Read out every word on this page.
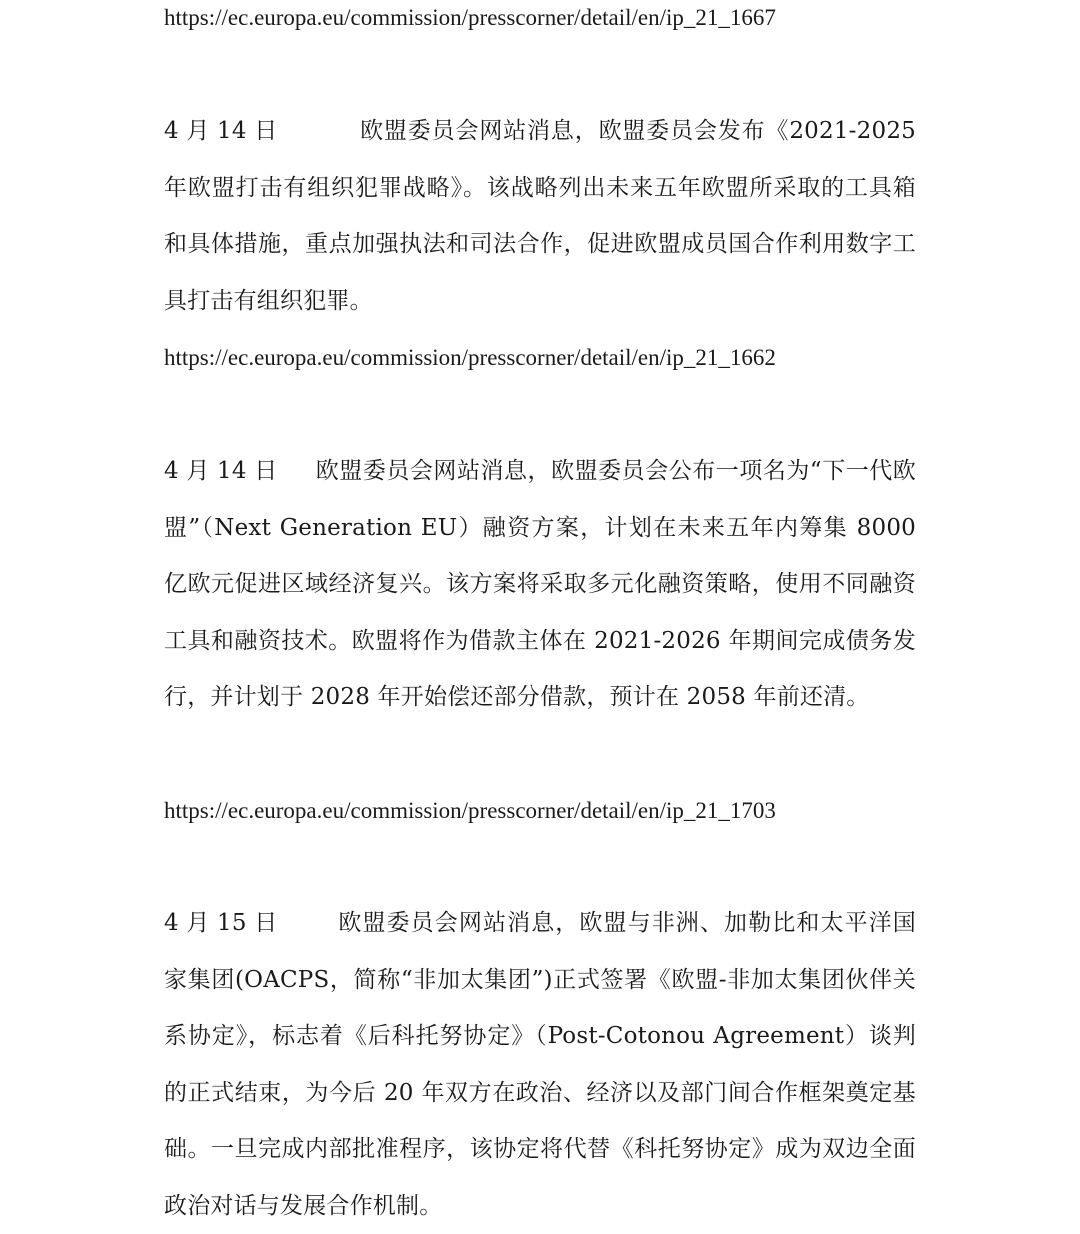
https://ec.europa.eu/commission/presscorner/detail/en/ip_21_1667
4 月 14 日	欧盟委员会网站消息，欧盟委员会发布《2021-2025年欧盟打击有组织犯罪战略》。该战略列出未来五年欧盟所采取的工具箱和具体措施，重点加强执法和司法合作，促进欧盟成员国合作利用数字工具打击有组织犯罪。
https://ec.europa.eu/commission/presscorner/detail/en/ip_21_1662
4 月 14 日 欧盟委员会网站消息，欧盟委员会公布一项名为“下一代欧盟”（Next Generation EU）融资方案，计划在未来五年内筹集 8000 亿欧元促进区域经济复兴。该方案将采取多元化融资策略，使用不同融资工具和融资技术。欧盟将作为借款主体在 2021-2026 年期间完成债务发行，并计划于 2028 年开始偿还部分借款，预计在 2058 年前还清。
https://ec.europa.eu/commission/presscorner/detail/en/ip_21_1703
4 月 15 日	欧盟委员会网站消息，欧盟与非洲、加勒比和太平洋国家集团(OACPS，简称“非加太集团”)正式签署《欧盟-非加太集团伙伴关系协定》，标志着《后科托努协定》（Post-Cotonou Agreement）谈判的正式结束，为今后 20 年双方在政治、经济以及部门间合作框架奠定基础。一旦完成内部批准程序，该协定将代替《科托努协定》成为双边全面政治对话与发展合作机制。
